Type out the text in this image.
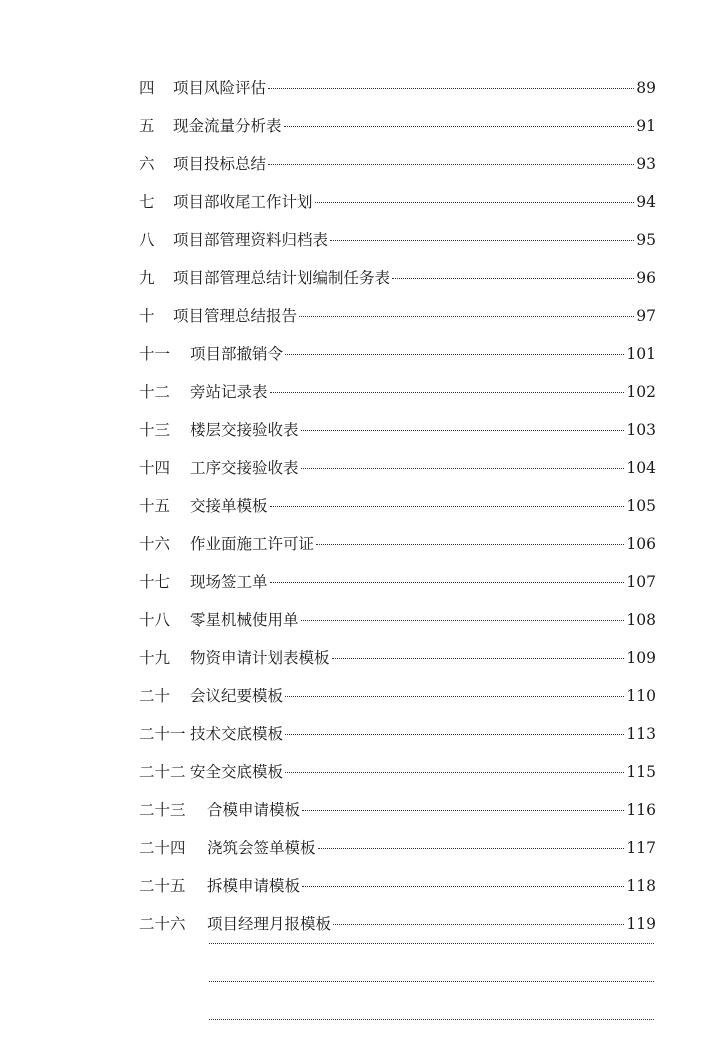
四	项目风险评估	89
五	现金流量分析表	91
六	项目投标总结	93
七	项目部收尾工作计划	94
八	项目部管理资料归档表	95
九	项目部管理总结计划编制任务表	96
十	项目管理总结报告	97
十一	项目部撤销令	101
十二	旁站记录表	102
十三	楼层交接验收表	103
十四	工序交接验收表	104
十五	交接单模板	105
十六	作业面施工许可证	106
十七	现场签工单	107
十八	零星机械使用单	108
十九	物资申请计划表模板	109
二十	会议纪要模板	110
二十一 技术交底模板	113
二十二 安全交底模板	115
二十三	合模申请模板	116
二十四	浇筑会签单模板	117
二十五	拆模申请模板	118
二十六	项目经理月报模板	119
